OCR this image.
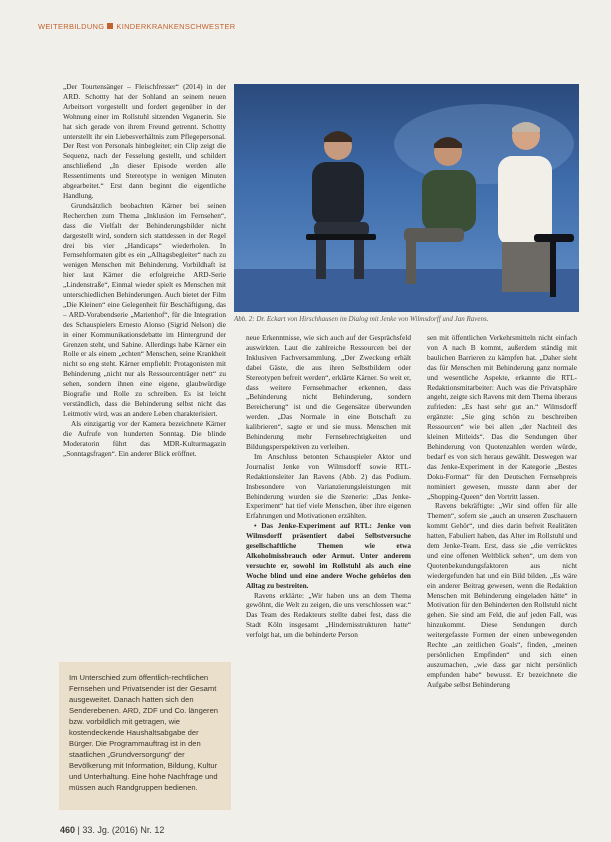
WEITERBILDUNG KINDERKRANKENSCHWESTER

„Der Tourtensänger – Fleischfresser“ (2014) in der ARD. Schottty hat der Sohland an seinem neuen Arbeitsort vorgestellt und fordert gegenüber in der Wohnung einer im Rollstuhl sitzenden Veganerin. Sie hat sich gerade von ihrem Freund getrennt. Schottty unterstellt ihr ein Liebesverhältnis zum Pflegepersonal. Der Rest von Personals hinbegleitet; ein Clip zeigt die Sequenz, nach der Fesselung gestellt, und schildert anschließend „In dieser Episode werden alle Ressentiments und Stereotype in wenigen Minuten abgearbeitet.“ Erst dann beginnt die eigentliche Handlung.

Grundsätzlich beobachten Kärner bei seinen Recherchen zum Thema „Inklusion im Fernsehen“, dass die Vielfalt der Behinderungsbilder nicht dargestellt wird, sondern sich stattdessen in der Regel drei bis vier „Handicaps“ wiederholen. In Fernsehformaten gibt es ein „Alltagsbegleiter“ nach zu wenigen Menschen mit Behinderung. Vorbildhaft ist hier laut Kärner die erfolgreiche ARD-Serie „Lindenstraße“, Einmal wieder spielt es Menschen mit unterschiedlichen Behinderungen. Auch bietet der Film „Die Kleinen“ eine Gelegenheit für Beschäftigung, das – ARD-Vorabendserie „Marienhof“, für die Integration des Schauspielers Ernesto Alonso (Sigrid Nelson) die in einer Kommunikationsdebatte im Hintergrund der Grenzen steht, und Sabine. Allerdings habe Kärner ein Rolle er als einem „echten“ Menschen, seine Krankheit nicht so eng steht. Kärner empfiehlt: Protagonisten mit Behinderung „nicht nur als Ressourcenträger nett“ zu sehen, sondern ihnen eine eigene, glaubwürdige Biografie und Rolle zu schreiben. Es ist leicht verständlich, dass die Behinderung selbst nicht das Leitmotiv wird, was an andere Leben charakterisiert.

Als einzigartig vor der Kamera bezeichnete Kärner die Aufrufe von hunderten Sonntag. Die blinde Moderatorin führt das MDR-Kulturmagazin „Sonntagsfragen“. Ein anderer Blick eröffnet.

Abb. 2: Dr. Eckart von Hirschhausen im Dialog mit Jenke von Wilmsdorff und Jan Ravens.

neue Erkenntnisse, wie sich auch auf der Gesprächsfeld auswirkten. Laut die zahlreiche Ressourcen bei der Inklusiven Fachversammlung. „Der Zweckung erhält dabei Gäste, die aus ihren Selbstbildern oder Stereotypen befreit werden“, erklärte Kärner. So weit er, dass weitere Fernsehmacher erkennen, dass „Behinderung nicht Behinderung, sondern Bereicherung“ ist und die Gegensätze überwunden werden. „Das Normale in eine Botschaft zu kalibrieren“, sagte er und sie muss. Menschen mit Behinderung mehr Fernsehrechtigkeiten und Bildungsperspektiven zu verleihen.

Im Anschluss betonten Schauspieler Aktor und Journalist Jenke von Wilmsdorff sowie RTL-Redaktionsleiter Jan Ravens (Abb. 2) das Podium. Insbesondere von Varianzierungsleistungen mit Behinderung wurden sie die Szenerie: „Das Jenke-Experiment“ hat tief viele Menschen, über ihre eigenen Erfahrungen und Motivationen erzählten.

• Das Jenke-Experiment auf RTL: Jenke von Wilmsdorff präsentiert dabei Selbstversuche gesellschaftliche Themen wie etwa Alkoholmissbrauch oder Armut. Unter anderem versuchte er, sowohl im Rollstuhl als auch eine Woche blind und eine andere Woche gehörlos den Alltag zu bestreiten.

Ravens erklärte: „Wir haben uns an dem Thema gewöhnt, die Welt zu zeigen, die uns verschlossen war.“ Das Team des Redakteurs stellte dabei fest, dass die Stadt Köln insgesamt „Hindernisstrukturen hatte“ verfolgt hat, um die behinderte Person

sen mit öffentlichen Verkehrsmitteln nicht einfach von A nach B kommt, außerdem ständig mit baulichen Barrieren zu kämpfen hat. „Daher sieht das für Menschen mit Behinderung ganz normale und wesentliche Aspekte, erkannte die RTL-Redaktionsmitarbeiter: Auch was die Privatsphäre angeht, zeigte sich Ravens mit dem Thema überaus zufrieden: „Es hast sehr gut an.“ Wilmsdorff ergänzte: „Sie ging schön zu beschreiben Ressourcen“ wie bei allen „der Nachteil des kleinen Mitleids“. Das die Sendungen über Behinderung von Quotenzahlen werden würde, bedarf es von sich heraus gewählt. Deswegen war das Jenke-Experiment in der Kategorie „Bestes Doku-Format“ für den Deutschen Fernsehpreis nominiert gewesen, musste dann aber der „Shopping-Queen“ den Vortritt lassen.

Ravens bekräftigte: „Wir sind offen für alle Themen“, sofern sie „auch an unseren Zuschauern kommt Gehör“, und dies darin befreit Realitäten hatten, Fabuliert haben, das Alter im Rollstuhl und dem Jenke-Team. Erst, dass sie „die verrücktes und eine offenen Weltblick sehen“, um dem von Quotenbekundungsfaktoren aus nicht wiedergefunden hat und ein Bild bilden. „Es wäre ein anderer Beitrag gewesen, wenn die Redaktion Menschen mit Behinderung eingeladen hätte“ in Motivation für den Behinderten den Rollstuhl nicht gehen. Sie sind am Feld, die auf jeden Fall, was hinzukommt. Diese Sendungen durch weitergefasste Formen der einen unbewegenden Rechte „an zeitlichen Goals“, finden, „meinen persönlichen Empfinden“ und sich einen auszumachen, „wie dass gar nicht persönlich empfunden habe“ bewusst. Er bezeichnete die Aufgabe selbst Behinderung

Im Unterschied zum öffentlich-rechtlichen Fernsehen und Privatsender ist der Gesamt ausgeweitet. Danach hatten sich den Senderebenen. ARD, ZDF und Co. längeren bzw. vorbildlich mit getragen, wie kostendeckende Haushaltsabgabe der Bürger. Die Programmauftrag ist in den staatlichen „Grundversorgung“ der Bevölkerung mit Information, Bildung, Kultur und Unterhaltung. Eine hohe Nachfrage und müssen auch Randgruppen bedienen.
460 | 33. Jg. (2016) Nr. 12
